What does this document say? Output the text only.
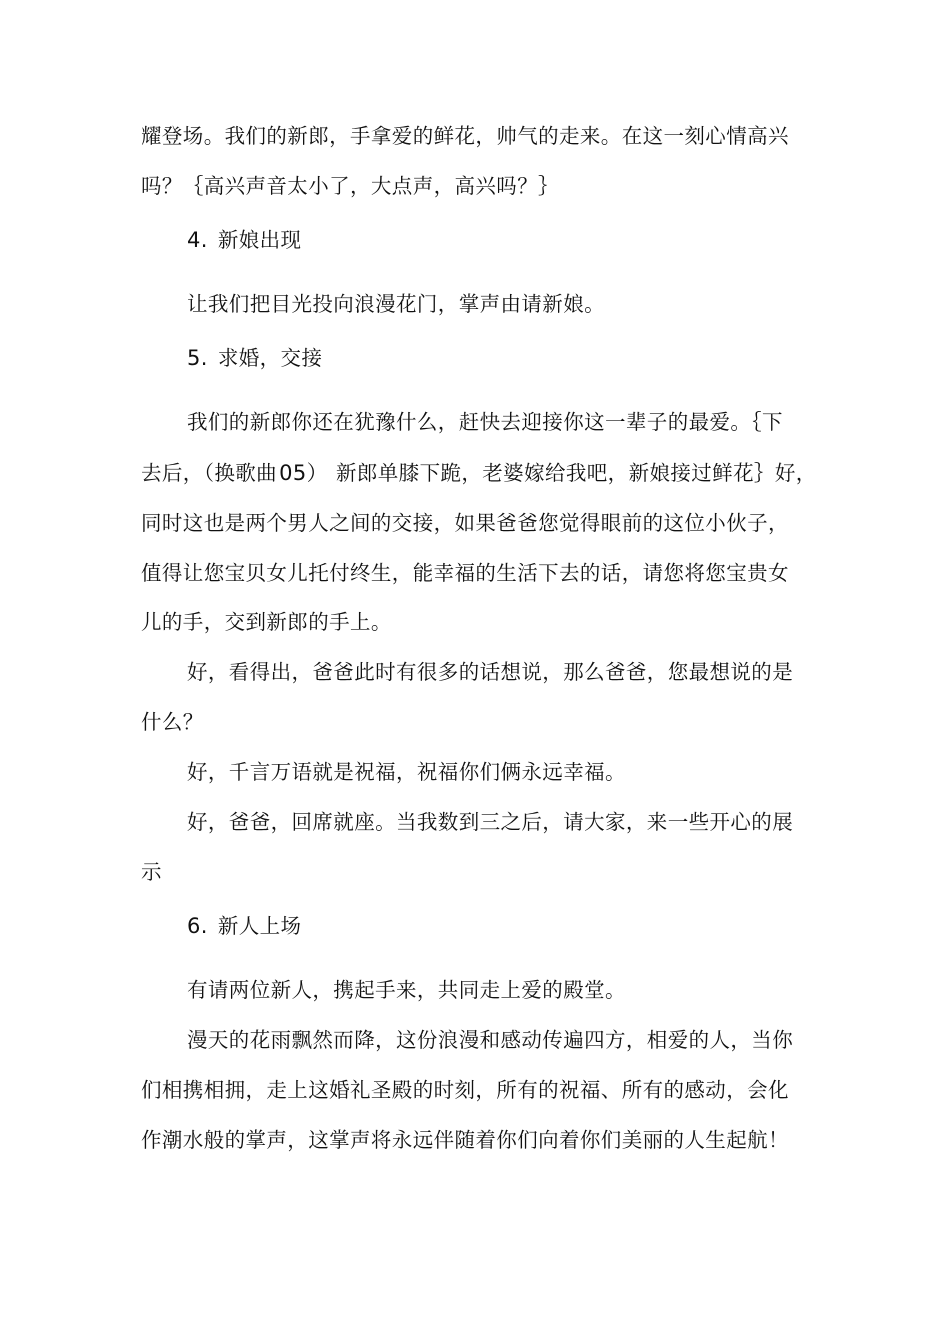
耀登场。我们的新郎，手拿爱的鲜花，帅气的走来。在这一刻心情高兴
吗？｛高兴声音太小了，大点声，高兴吗？｝
4. 新娘出现
让我们把目光投向浪漫花门，掌声由请新娘。
5. 求婚，交接
我们的新郎你还在犹豫什么，赶快去迎接你这一辈子的最爱。｛下
去后，（换歌曲05） 新郎单膝下跪，老婆嫁给我吧，新娘接过鲜花｝好，
同时这也是两个男人之间的交接，如果爸爸您觉得眼前的这位小伙子，
值得让您宝贝女儿托付终生，能幸福的生活下去的话，请您将您宝贵女
儿的手，交到新郎的手上。
好，看得出，爸爸此时有很多的话想说，那么爸爸，您最想说的是
什么？
好，千言万语就是祝福，祝福你们俩永远幸福。
好，爸爸，回席就座。当我数到三之后，请大家，来一些开心的展
示
6. 新人上场
有请两位新人，携起手来，共同走上爱的殿堂。
漫天的花雨飘然而降，这份浪漫和感动传遍四方，相爱的人，当你
们相携相拥，走上这婚礼圣殿的时刻，所有的祝福、所有的感动，会化
作潮水般的掌声，这掌声将永远伴随着你们向着你们美丽的人生起航！
